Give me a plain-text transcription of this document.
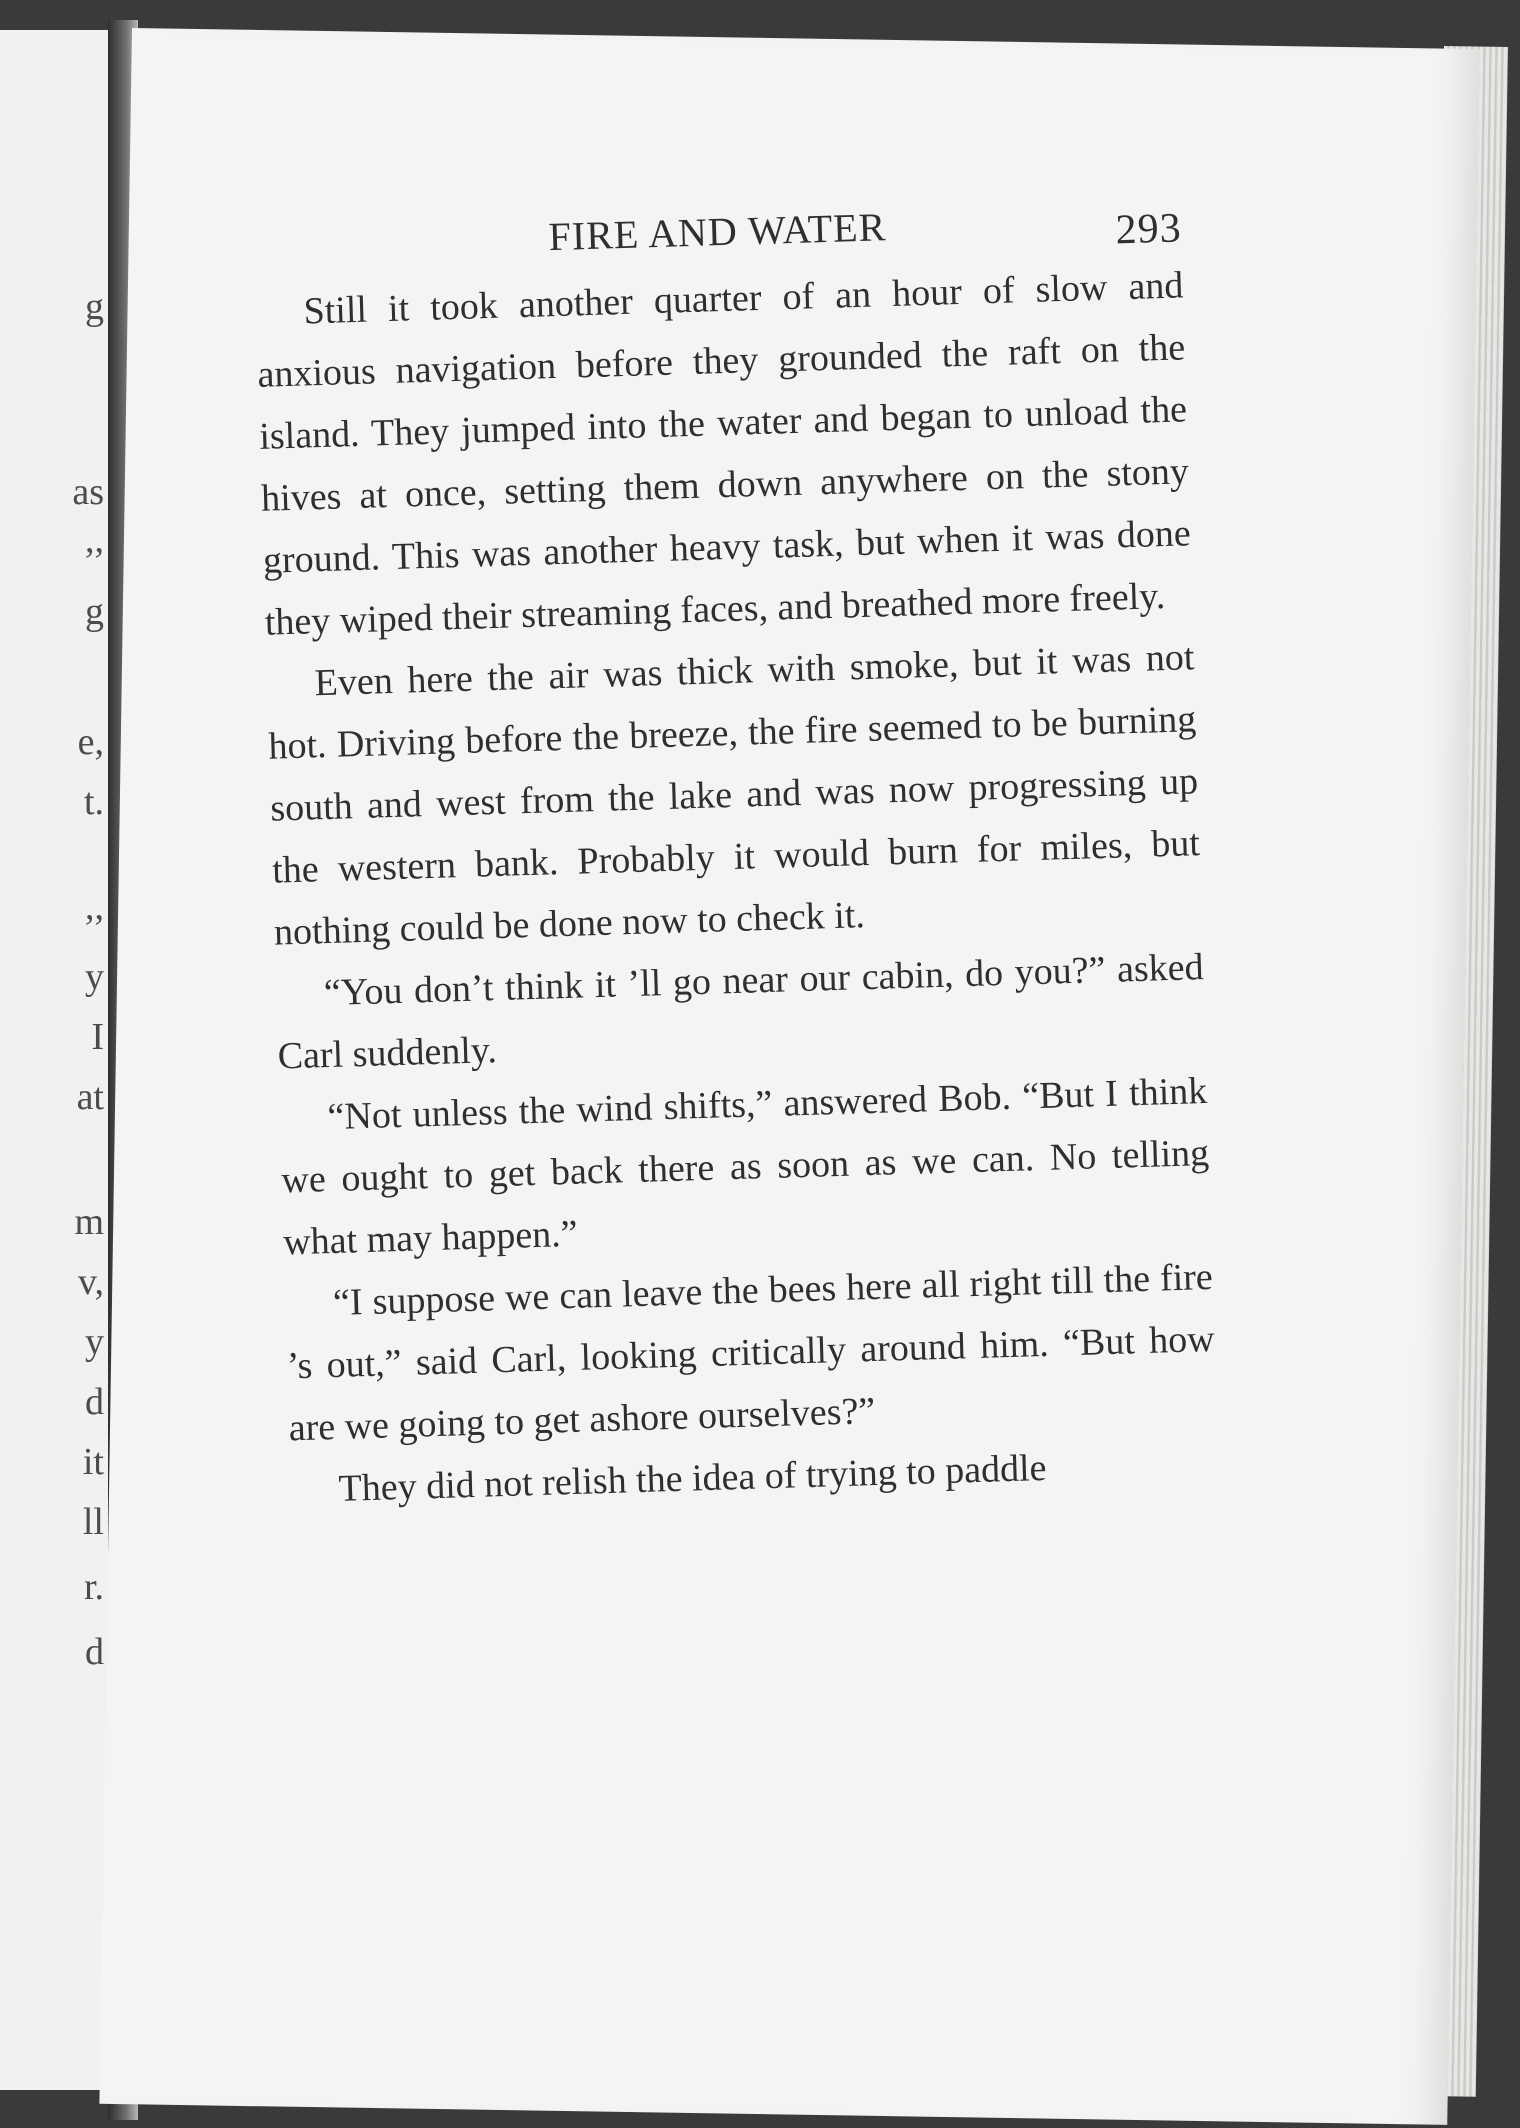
g
as
,,
g
e,
t.
,,
y
I
at
m
v,
y
d
it
ll
r.
d
FIRE AND WATER	293

Still it took another quarter of an hour of slow and anxious navigation before they grounded the raft on the island. They jumped into the water and began to unload the hives at once, setting them down anywhere on the stony ground. This was another heavy task, but when it was done they wiped their streaming faces, and breathed more freely.

Even here the air was thick with smoke, but it was not hot. Driving before the breeze, the fire seemed to be burning south and west from the lake and was now progressing up the western bank. Probably it would burn for miles, but nothing could be done now to check it.

“You don’t think it ’ll go near our cabin, do you?” asked Carl suddenly.

“Not unless the wind shifts,” answered Bob. “But I think we ought to get back there as soon as we can. No telling what may happen.”

“I suppose we can leave the bees here all right till the fire ’s out,” said Carl, looking critically around him. “But how are we going to get ashore ourselves?”

They did not relish the idea of trying to paddle
